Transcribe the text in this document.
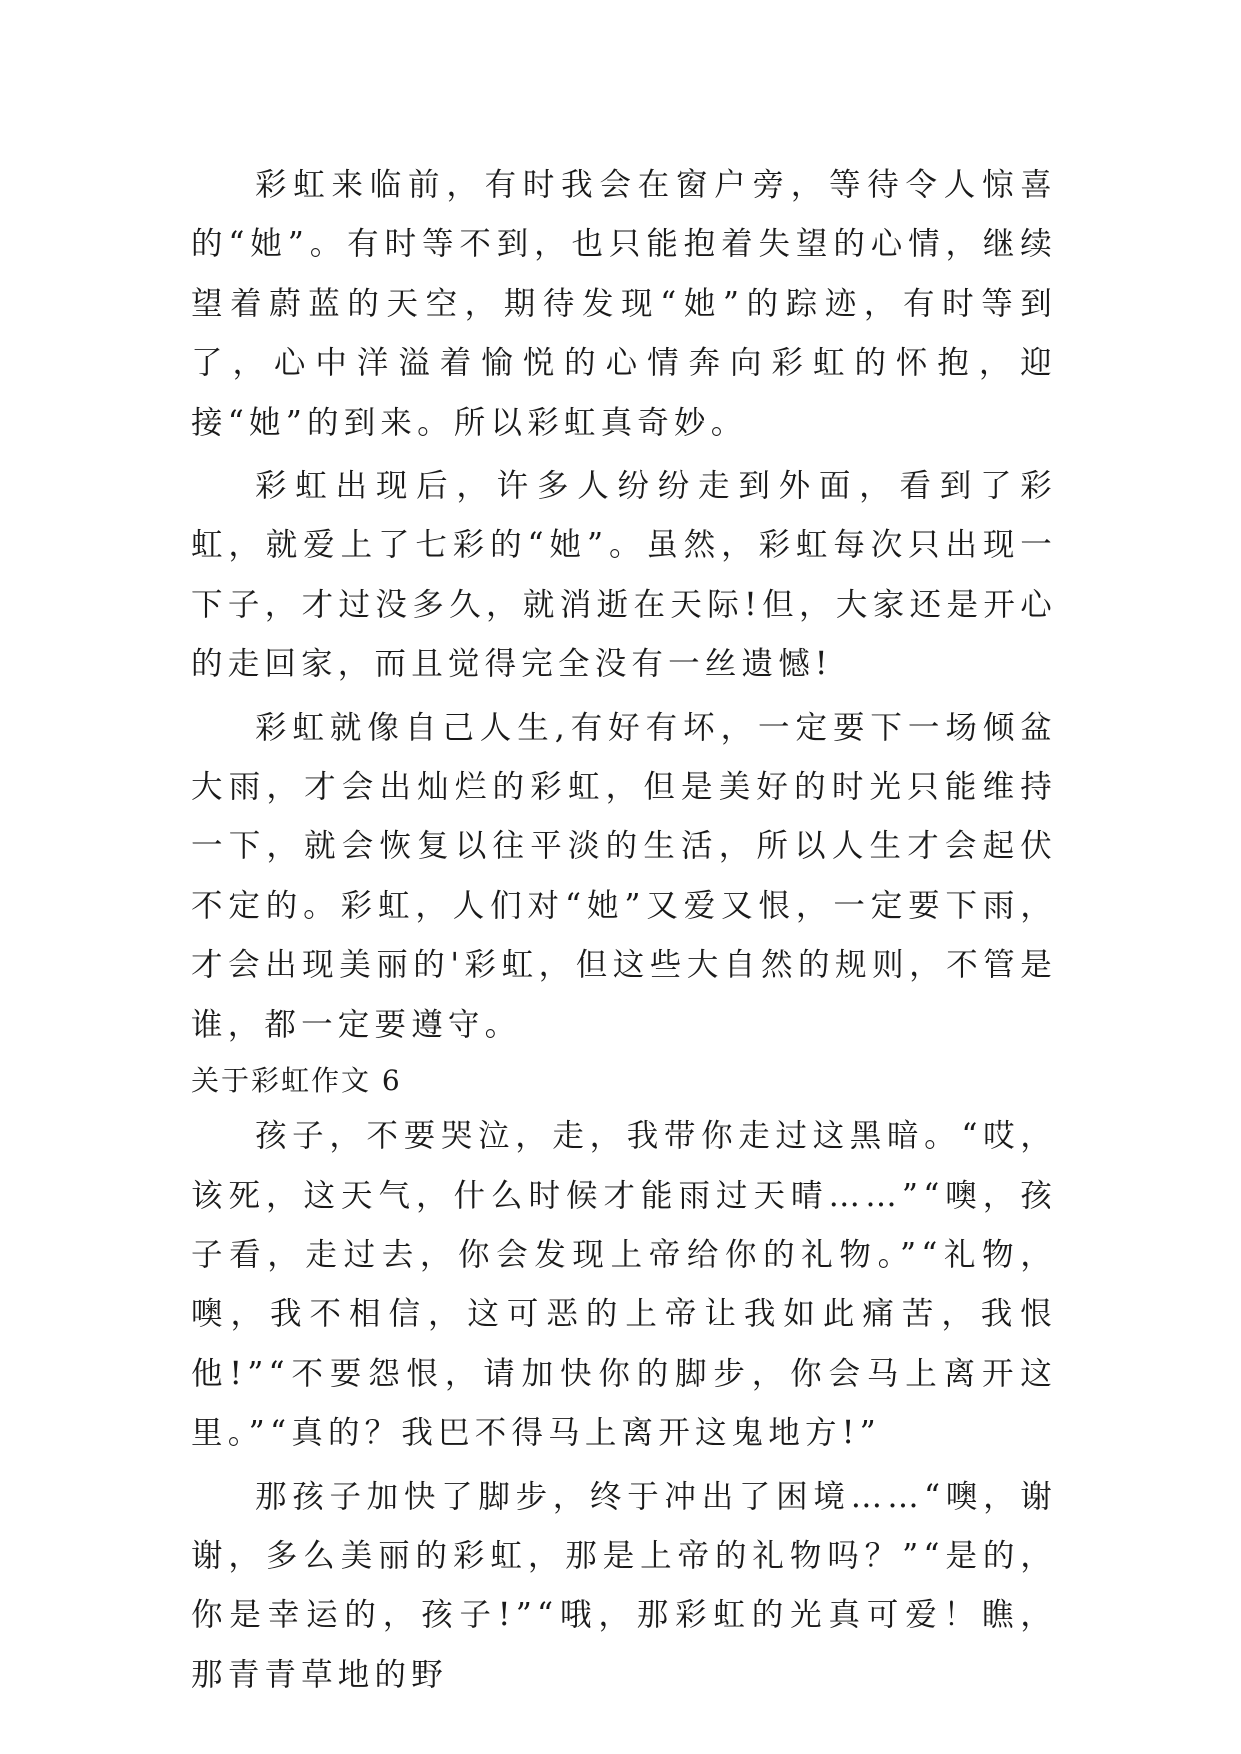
彩虹来临前，有时我会在窗户旁，等待令人惊喜的“她”。有时等不到，也只能抱着失望的心情，继续望着蔚蓝的天空，期待发现“她”的踪迹，有时等到了，心中洋溢着愉悦的心情奔向彩虹的怀抱，迎接“她”的到来。所以彩虹真奇妙。

彩虹出现后，许多人纷纷走到外面，看到了彩虹，就爱上了七彩的“她”。虽然，彩虹每次只出现一下子，才过没多久，就消逝在天际!但，大家还是开心的走回家，而且觉得完全没有一丝遗憾!

彩虹就像自己人生,有好有坏，一定要下一场倾盆大雨，才会出灿烂的彩虹，但是美好的时光只能维持一下，就会恢复以往平淡的生活，所以人生才会起伏不定的。彩虹，人们对“她”又爱又恨，一定要下雨，才会出现美丽的'彩虹，但这些大自然的规则，不管是谁，都一定要遵守。

关于彩虹作文 6

孩子，不要哭泣，走，我带你走过这黑暗。“哎，该死，这天气，什么时候才能雨过天晴……”“噢，孩子看，走过去，你会发现上帝给你的礼物。”“礼物，噢，我不相信，这可恶的上帝让我如此痛苦，我恨他!”“不要怨恨，请加快你的脚步，你会马上离开这里。”“真的？我巴不得马上离开这鬼地方!”

那孩子加快了脚步，终于冲出了困境……“噢，谢谢，多么美丽的彩虹，那是上帝的礼物吗？”“是的，你是幸运的，孩子!”“哦，那彩虹的光真可爱！瞧，那青青草地的野
